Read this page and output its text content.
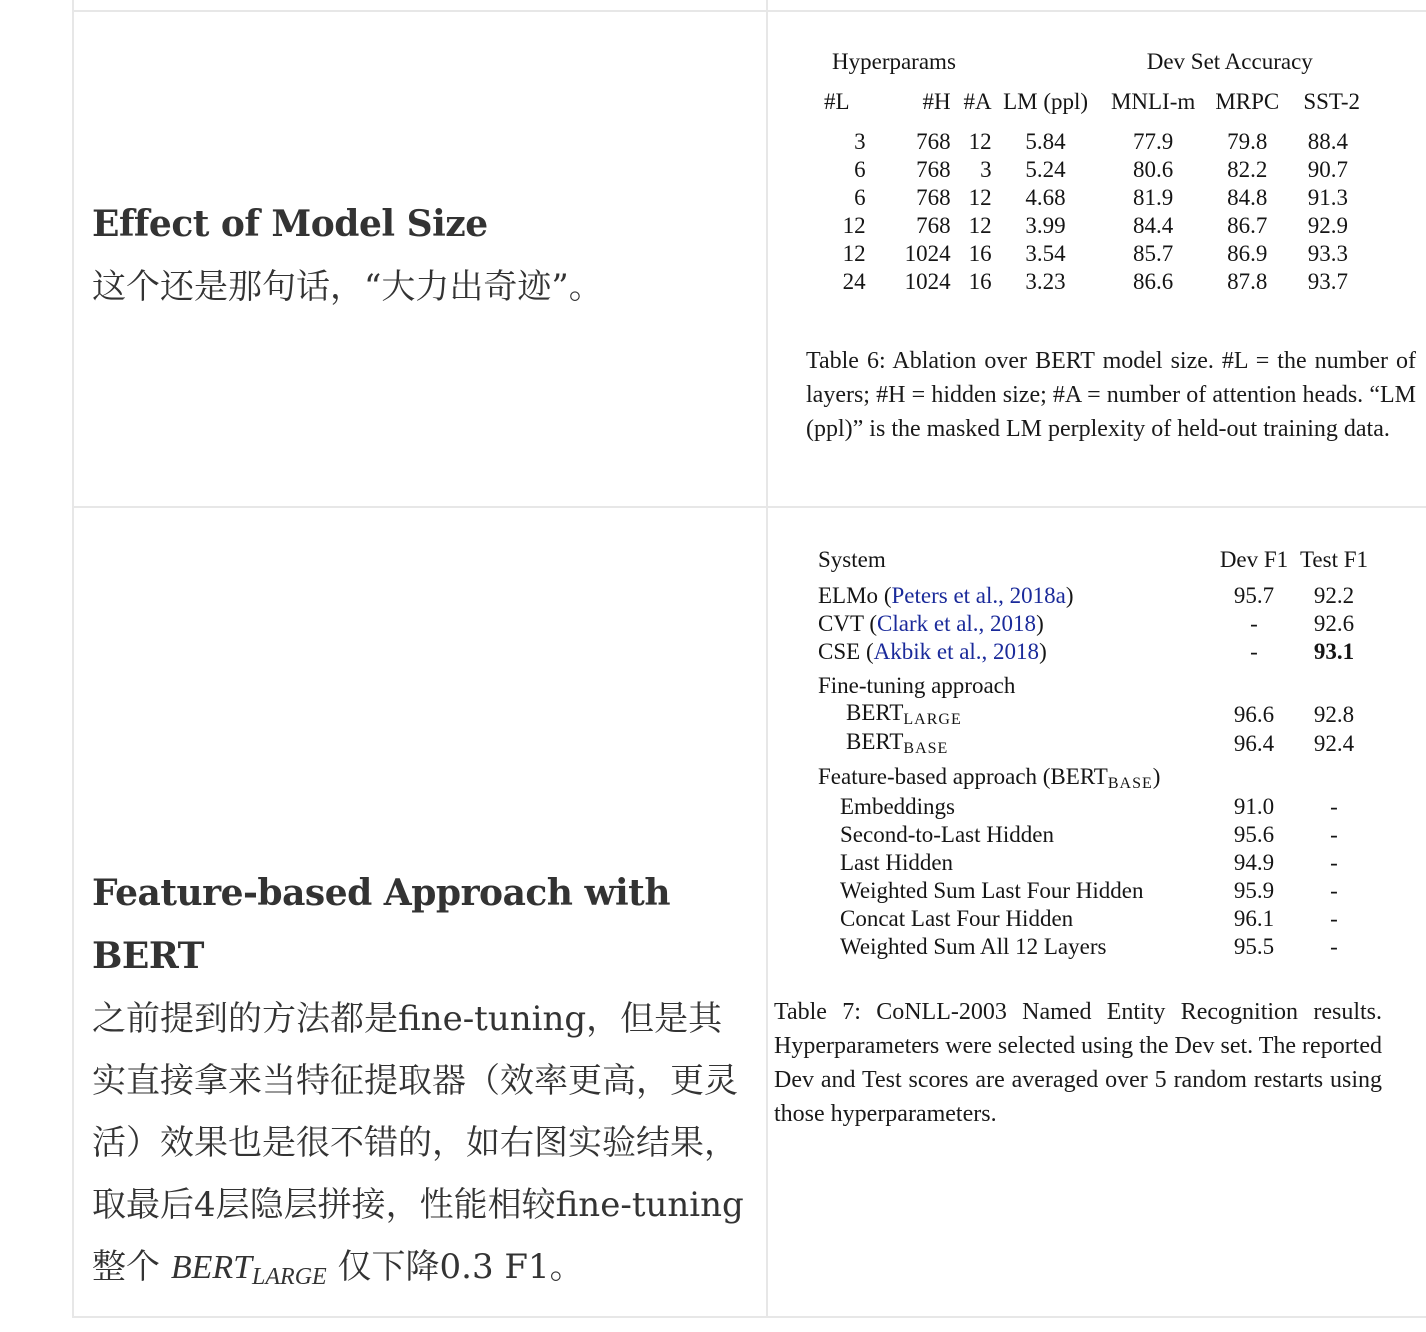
Effect of Model Size

这个还是那句话，“大力出奇迹”。

Hyperparams		Dev Set Accuracy

#L	#H	#A	LM (ppl)	MNLI-m	MRPC	SST-2

3	768	12	5.84	77.9	79.8	88.4
6	768	3	5.24	80.6	82.2	90.7
6	768	12	4.68	81.9	84.8	91.3
12	768	12	3.99	84.4	86.7	92.9
12	1024	16	3.54	85.7	86.9	93.3
24	1024	16	3.23	86.6	87.8	93.7

Table 6: Ablation over BERT model size. #L = the number of layers; #H = hidden size; #A = number of attention heads. “LM (ppl)” is the masked LM perplexity of held-out training data.

Feature-based Approach with BERT

之前提到的方法都是fine-tuning，但是其实直接拿来当特征提取器（效率更高，更灵活）效果也是很不错的，如右图实验结果，取最后4层隐层拼接，性能相较fine-tuning整个 $BERT_{LARGE}$ 仅下降0.3 F1。

System	Dev F1	Test F1

ELMo (Peters et al., 2018a)	95.7	92.2
CVT (Clark et al., 2018)	-	92.6
CSE (Akbik et al., 2018)	-	93.1

Fine-tuning approach
BERTLARGE	96.6	92.8
BERTBASE	96.4	92.4

Feature-based approach (BERTBASE)
Embeddings	91.0	-
Second-to-Last Hidden	95.6	-
Last Hidden	94.9	-
Weighted Sum Last Four Hidden	95.9	-
Concat Last Four Hidden	96.1	-
Weighted Sum All 12 Layers	95.5	-

Table 7: CoNLL-2003 Named Entity Recognition results. Hyperparameters were selected using the Dev set. The reported Dev and Test scores are averaged over 5 random restarts using those hyperparameters.
